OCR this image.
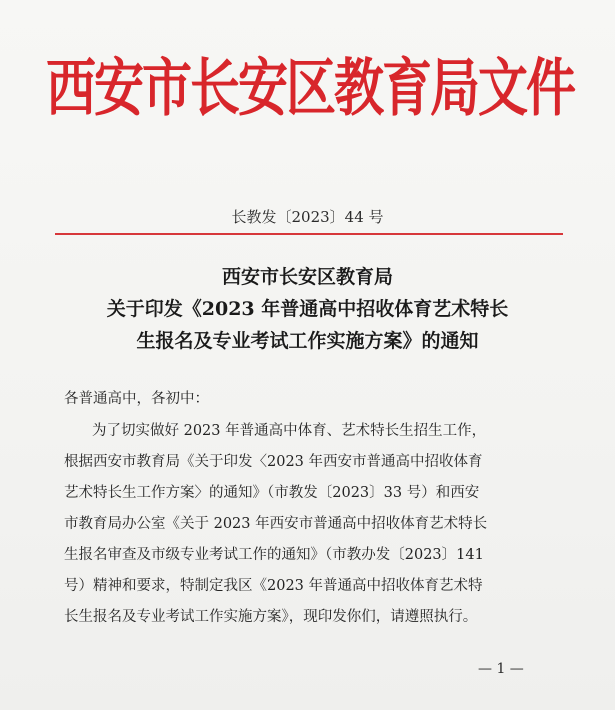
西安市长安区教育局文件
长教发〔2023〕44 号
西安市长安区教育局
关于印发《2023 年普通高中招收体育艺术特长
生报名及专业考试工作实施方案》的通知
各普通高中，各初中：
为了切实做好 2023 年普通高中体育、艺术特长生招生工作，
根据西安市教育局《关于印发〈2023 年西安市普通高中招收体育
艺术特长生工作方案〉的通知》（市教发〔2023〕33 号）和西安
市教育局办公室《关于 2023 年西安市普通高中招收体育艺术特长
生报名审查及市级专业考试工作的通知》（市教办发〔2023〕141
号）精神和要求，特制定我区《2023 年普通高中招收体育艺术特
长生报名及专业考试工作实施方案》，现印发你们，请遵照执行。
— 1 —
